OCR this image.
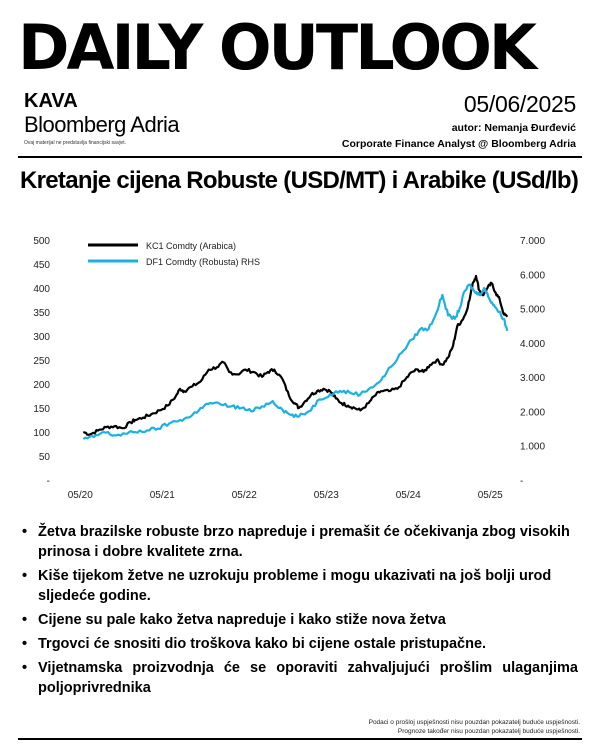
DAILY OUTLOOK
KAVA
Bloomberg Adria
Ovaj materijal ne predstavlja financijski savjet.
05/06/2025
autor: Nemanja Đurđević
Corporate Finance Analyst @ Bloomberg Adria
Kretanje cijena Robuste (USD/MT) i Arabike (USd/lb)
-
50
100
150
200
250
300
350
400
450
500
-
1.000
2.000
3.000
4.000
5.000
6.000
7.000
05/20	05/21	05/22	05/23	05/24	05/25
KC1 Comdty (Arabica)
DF1 Comdty (Robusta) RHS
• Žetva brazilske robuste brzo napreduje i premašit će očekivanja zbog visokih prinosa i dobre kvalitete zrna.
• Kiše tijekom žetve ne uzrokuju probleme i mogu ukazivati na još bolji urod sljedeće godine.
• Cijene su pale kako žetva napreduje i kako stiže nova žetva
• Trgovci će snositi dio troškova kako bi cijene ostale pristupačne.
• Vijetnamska proizvodnja će se oporaviti zahvaljujući prošlim ulaganjima poljoprivrednika
Podaci o prošloj uspješnosti nisu pouzdan pokazatelj buduće uspješnosti.
Prognoze također nisu pouzdan pokazatelj buduće uspješnosti.
